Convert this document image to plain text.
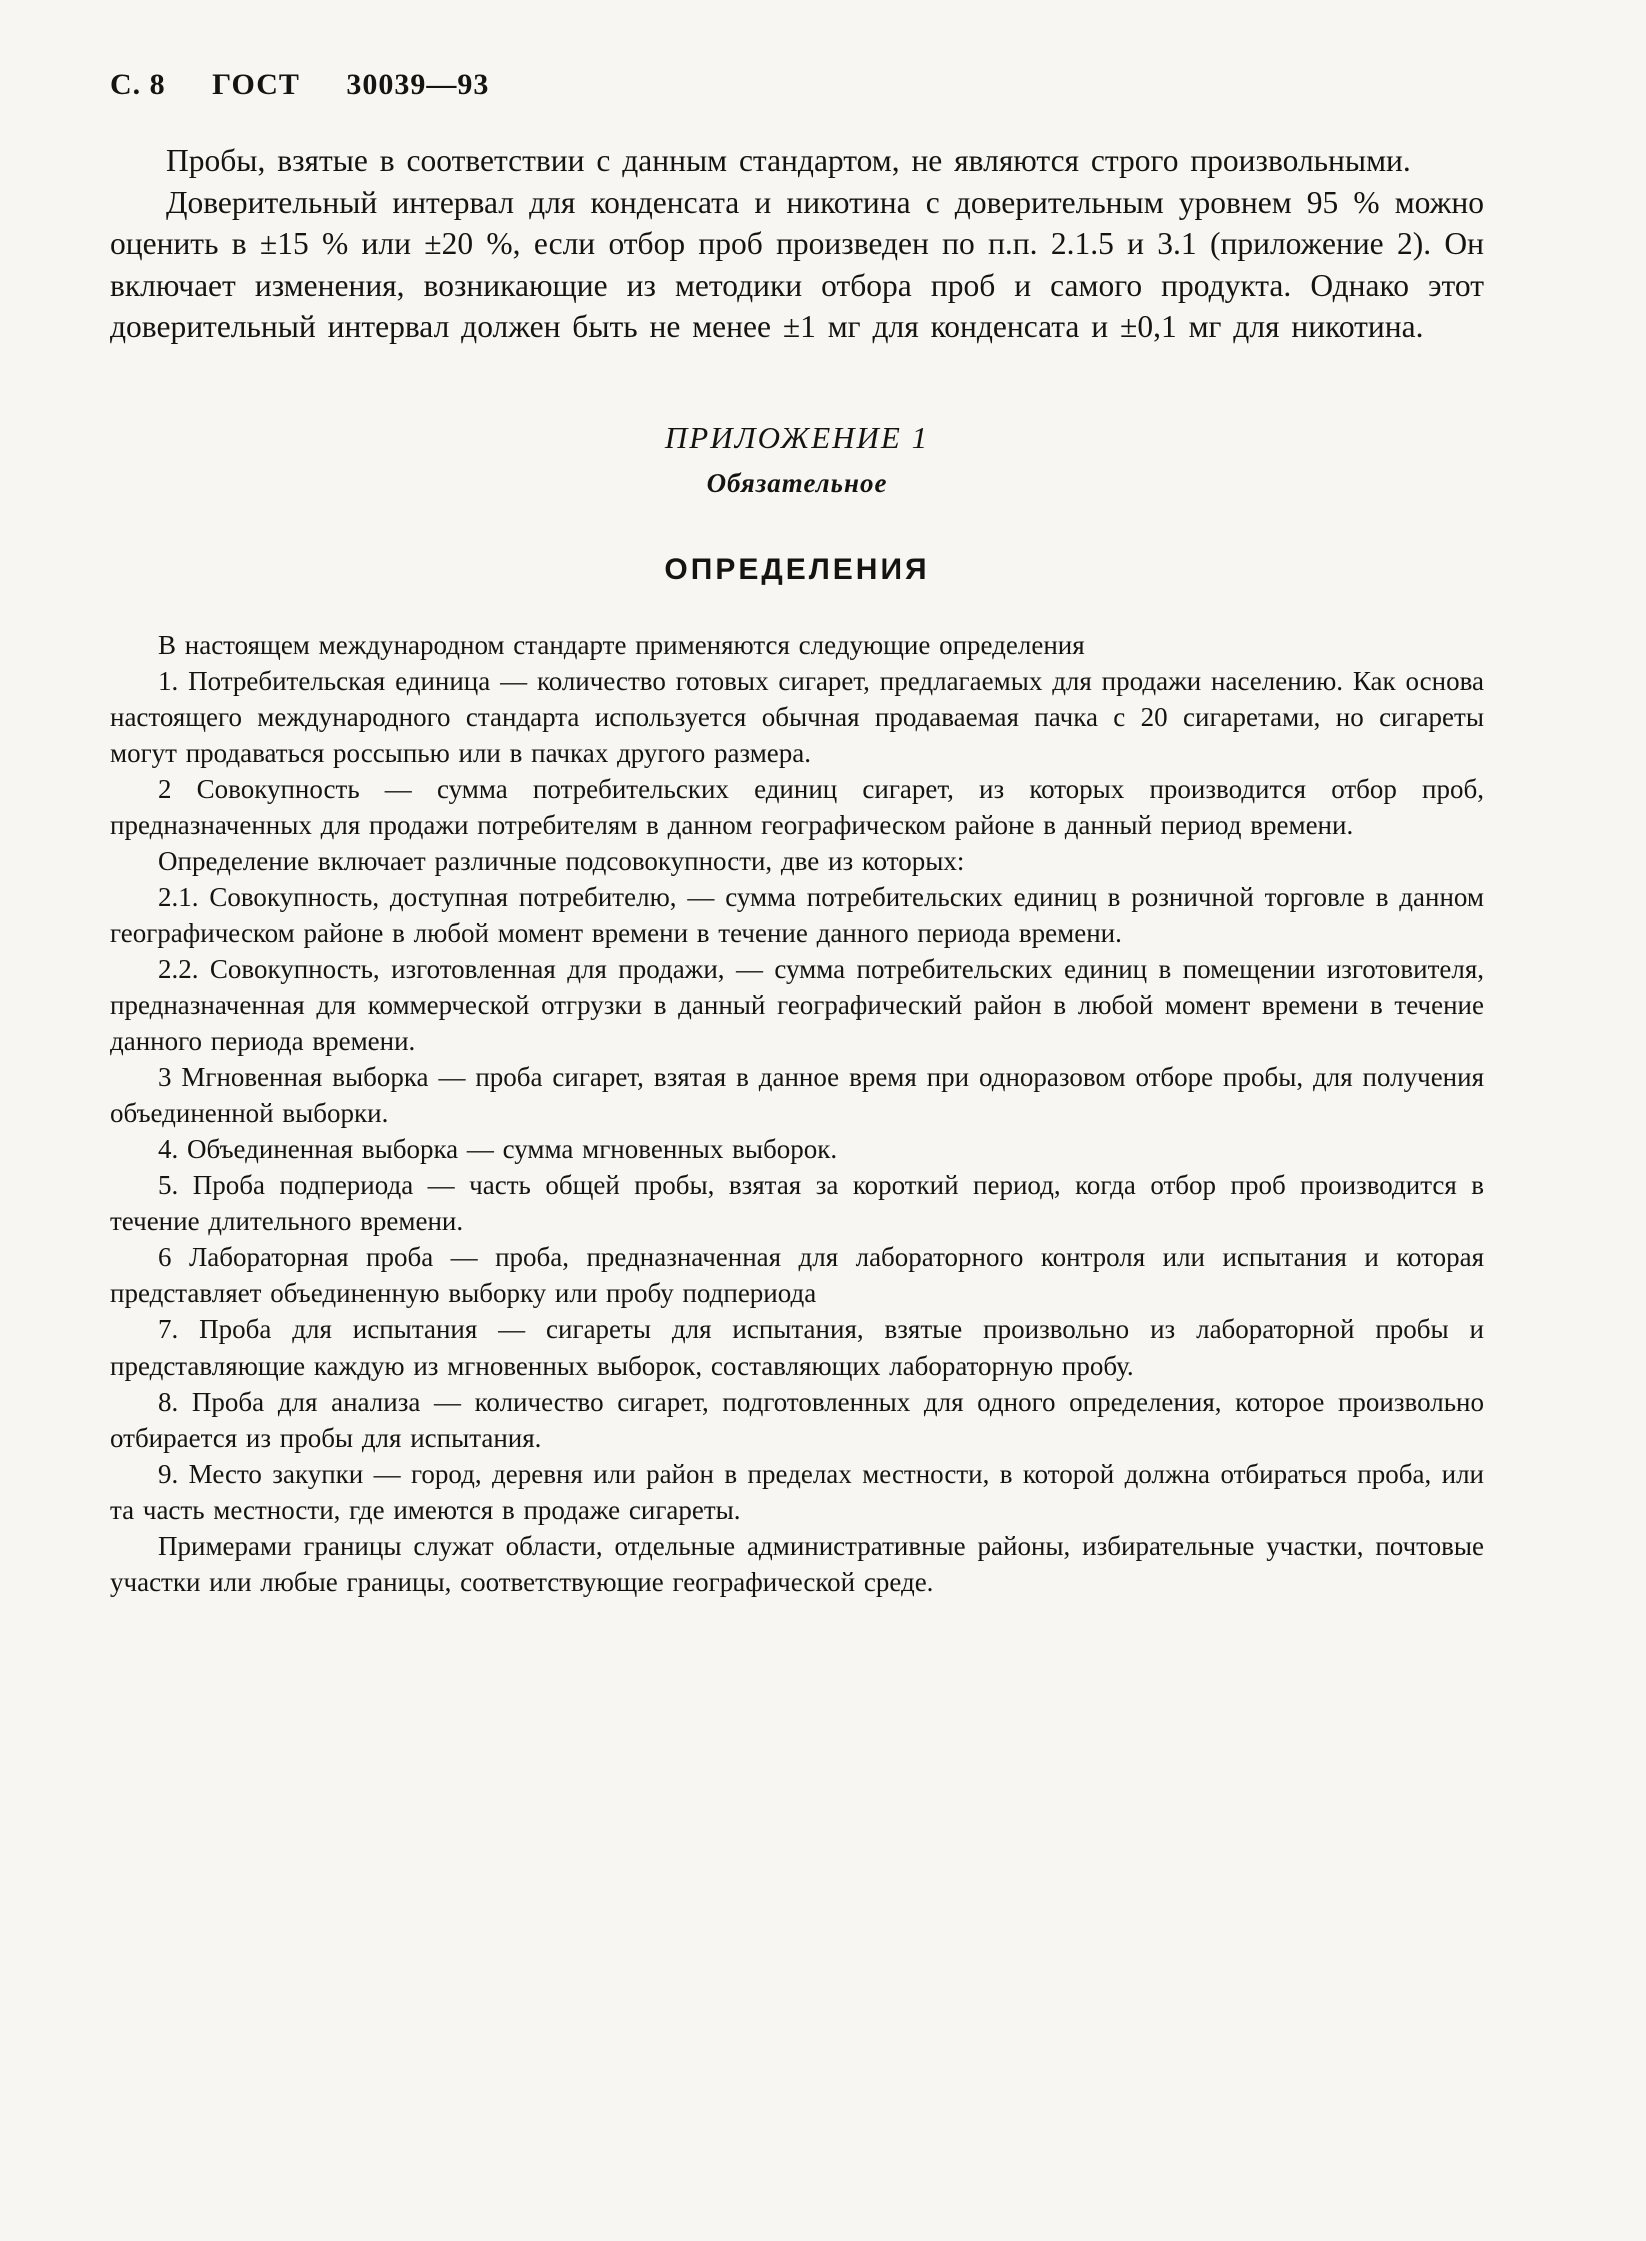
С. 8 ГОСТ 30039—93

Пробы, взятые в соответствии с данным стандартом, не являются строго произвольными.

Доверительный интервал для конденсата и никотина с доверительным уровнем 95 % можно оценить в ±15 % или ±20 %, если отбор проб произведен по п.п. 2.1.5 и 3.1 (приложение 2). Он включает изменения, возникающие из методики отбора проб и самого продукта. Однако этот доверительный интервал должен быть не менее ±1 мг для конденсата и ±0,1 мг для никотина.

ПРИЛОЖЕНИЕ 1
Обязательное
ОПРЕДЕЛЕНИЯ

В настоящем международном стандарте применяются следующие определения

1. Потребительская единица — количество готовых сигарет, предлагаемых для продажи населению. Как основа настоящего международного стандарта используется обычная продаваемая пачка с 20 сигаретами, но сигареты могут продаваться россыпью или в пачках другого размера.

2 Совокупность — сумма потребительских единиц сигарет, из которых производится отбор проб, предназначенных для продажи потребителям в данном географическом районе в данный период времени.

Определение включает различные подсовокупности, две из которых:

2.1. Совокупность, доступная потребителю, — сумма потребительских единиц в розничной торговле в данном географическом районе в любой момент времени в течение данного периода времени.

2.2. Совокупность, изготовленная для продажи, — сумма потребительских единиц в помещении изготовителя, предназначенная для коммерческой отгрузки в данный географический район в любой момент времени в течение данного периода времени.

3 Мгновенная выборка — проба сигарет, взятая в данное время при одноразовом отборе пробы, для получения объединенной выборки.

4. Объединенная выборка — сумма мгновенных выборок.

5. Проба подпериода — часть общей пробы, взятая за короткий период, когда отбор проб производится в течение длительного времени.

6 Лабораторная проба — проба, предназначенная для лабораторного контроля или испытания и которая представляет объединенную выборку или пробу подпериода

7. Проба для испытания — сигареты для испытания, взятые произвольно из лабораторной пробы и представляющие каждую из мгновенных выборок, составляющих лабораторную пробу.

8. Проба для анализа — количество сигарет, подготовленных для одного определения, которое произвольно отбирается из пробы для испытания.

9. Место закупки — город, деревня или район в пределах местности, в которой должна отбираться проба, или та часть местности, где имеются в продаже сигареты.

Примерами границы служат области, отдельные административные районы, избирательные участки, почтовые участки или любые границы, соответствующие географической среде.
